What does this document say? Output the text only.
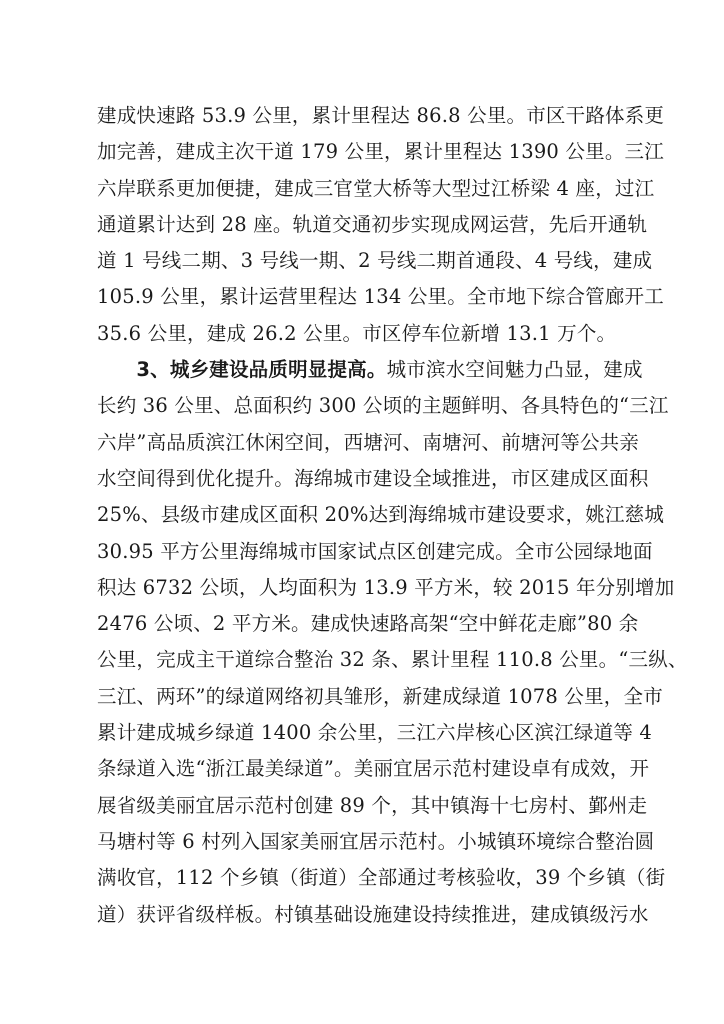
建成快速路 53.9 公里，累计里程达 86.8 公里。市区干路体系更
加完善，建成主次干道 179 公里，累计里程达 1390 公里。三江
六岸联系更加便捷，建成三官堂大桥等大型过江桥梁 4 座，过江
通道累计达到 28 座。轨道交通初步实现成网运营，先后开通轨
道 1 号线二期、3 号线一期、2 号线二期首通段、4 号线，建成
105.9 公里，累计运营里程达 134 公里。全市地下综合管廊开工
35.6 公里，建成 26.2 公里。市区停车位新增 13.1 万个。
　　3、城乡建设品质明显提高。城市滨水空间魅力凸显，建成
长约 36 公里、总面积约 300 公顷的主题鲜明、各具特色的“三江
六岸”高品质滨江休闲空间，西塘河、南塘河、前塘河等公共亲
水空间得到优化提升。海绵城市建设全域推进，市区建成区面积
25%、县级市建成区面积 20%达到海绵城市建设要求，姚江慈城
30.95 平方公里海绵城市国家试点区创建完成。全市公园绿地面
积达 6732 公顷，人均面积为 13.9 平方米，较 2015 年分别增加
2476 公顷、2 平方米。建成快速路高架“空中鲜花走廊”80 余
公里，完成主干道综合整治 32 条、累计里程 110.8 公里。“三纵、
三江、两环”的绿道网络初具雏形，新建成绿道 1078 公里，全市
累计建成城乡绿道 1400 余公里，三江六岸核心区滨江绿道等 4
条绿道入选“浙江最美绿道”。美丽宜居示范村建设卓有成效，开
展省级美丽宜居示范村创建 89 个，其中镇海十七房村、鄞州走
马塘村等 6 村列入国家美丽宜居示范村。小城镇环境综合整治圆
满收官，112 个乡镇（街道）全部通过考核验收，39 个乡镇（街
道）获评省级样板。村镇基础设施建设持续推进，建成镇级污水
